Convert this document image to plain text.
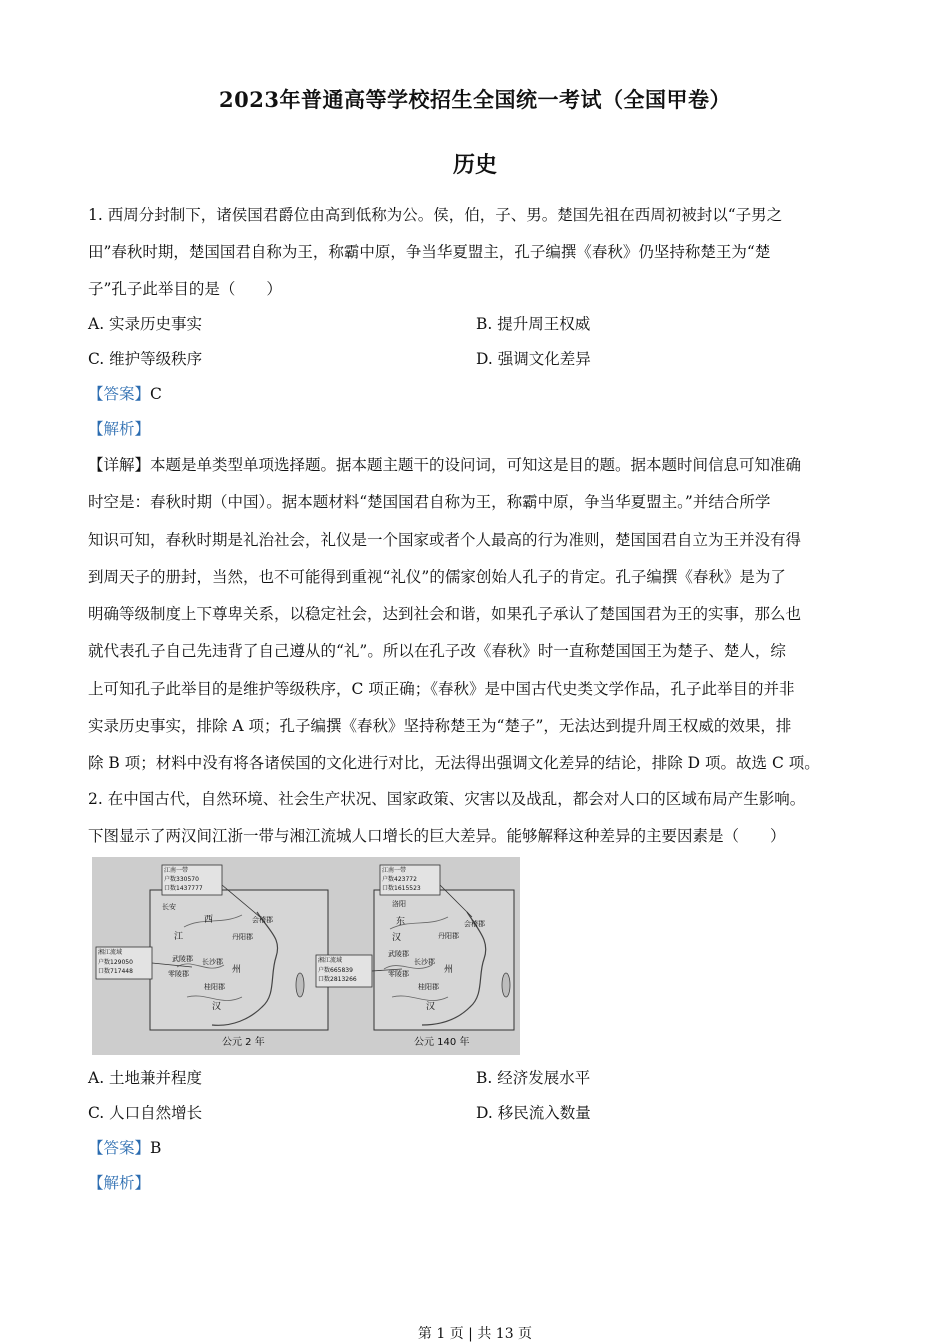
2023年普通高等学校招生全国统一考试（全国甲卷）
历史
1. 西周分封制下，诸侯国君爵位由高到低称为公。侯，伯，子、男。楚国先祖在西周初被封以“子男之
田”春秋时期，楚国国君自称为王，称霸中原，争当华夏盟主，孔子编撰《春秋》仍坚持称楚王为“楚
子”孔子此举目的是（　　）
A. 实录历史事实	B. 提升周王权威
C. 维护等级秩序	D. 强调文化差异
【答案】C
【解析】
【详解】本题是单类型单项选择题。据本题主题干的设问词，可知这是目的题。据本题时间信息可知准确
时空是：春秋时期（中国）。据本题材料“楚国国君自称为王，称霸中原，争当华夏盟主。”并结合所学
知识可知，春秋时期是礼治社会，礼仪是一个国家或者个人最高的行为准则，楚国国君自立为王并没有得
到周天子的册封，当然，也不可能得到重视“礼仪”的儒家创始人孔子的肯定。孔子编撰《春秋》是为了
明确等级制度上下尊卑关系，以稳定社会，达到社会和谐，如果孔子承认了楚国国君为王的实事，那么也
就代表孔子自己先违背了自己遵从的“礼”。所以在孔子改《春秋》时一直称楚国国王为楚子、楚人，综
上可知孔子此举目的是维护等级秩序，C 项正确；《春秋》是中国古代史类文学作品，孔子此举目的并非
实录历史事实，排除 A 项；孔子编撰《春秋》坚持称楚王为“楚子”，无法达到提升周王权威的效果，排
除 B 项；材料中没有将各诸侯国的文化进行对比，无法得出强调文化差异的结论，排除 D 项。故选 C 项。
2. 在中国古代，自然环境、社会生产状况、国家政策、灾害以及战乱，都会对人口的区域布局产生影响。
下图显示了两汉间江浙一带与湘江流城人口增长的巨大差异。能够解释这种差异的主要因素是（　　）
江南一带
户数330570
口数1437777
湘江流域
户数129050
口数717448
长安
西
江	丹阳郡
会稽郡
长沙郡
武陵郡
零陵郡
桂阳郡
州
汉
公元 2 年
江南一带
户数423772
口数1615523
湘江流域
户数665839
口数2813266
洛阳
东
汉	丹阳郡
会稽郡
长沙郡
武陵郡
零陵郡
桂阳郡
州
汉
公元 140 年
A. 土地兼并程度	B. 经济发展水平
C. 人口自然增长	D. 移民流入数量
【答案】B
【解析】
第 1 页 | 共 13 页
